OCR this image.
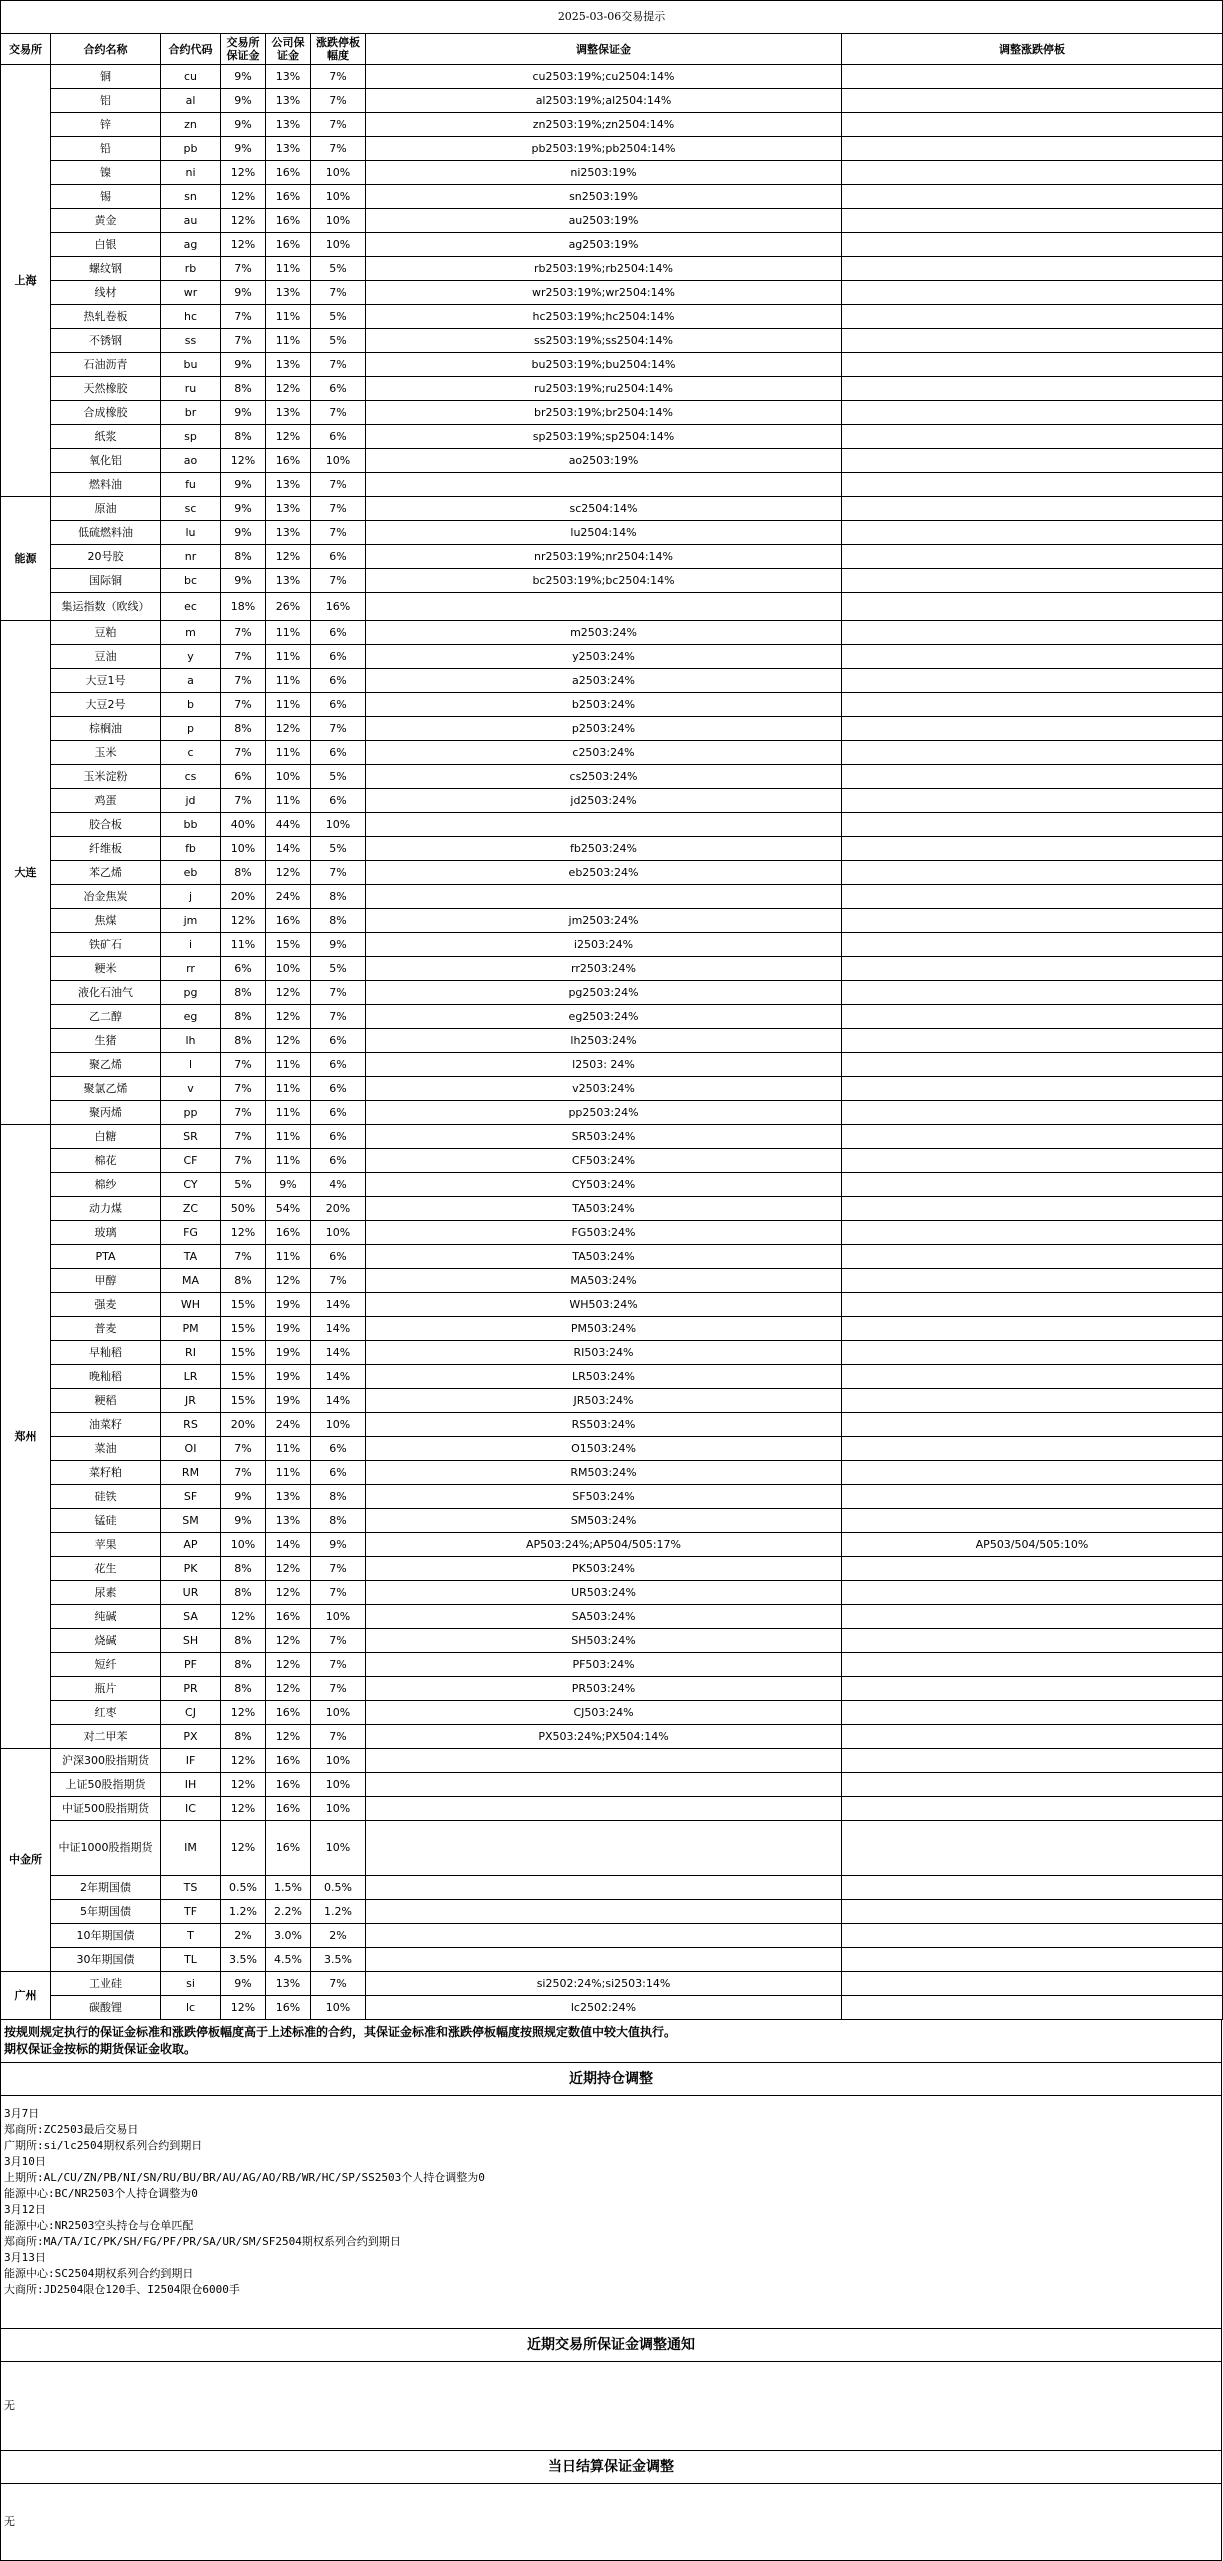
2025-03-06交易提示							
交易所	合约名称	合约代码	交易所保证金	公司保证金	涨跌停板幅度	调整保证金	调整涨跌停板
上海	铜	cu	9%	13%	7%	cu2503:19%;cu2504:14%	
	铝	al	9%	13%	7%	al2503:19%;al2504:14%	
	锌	zn	9%	13%	7%	zn2503:19%;zn2504:14%	
	铅	pb	9%	13%	7%	pb2503:19%;pb2504:14%	
	镍	ni	12%	16%	10%	ni2503:19%	
	锡	sn	12%	16%	10%	sn2503:19%	
	黄金	au	12%	16%	10%	au2503:19%	
	白银	ag	12%	16%	10%	ag2503:19%	
	螺纹钢	rb	7%	11%	5%	rb2503:19%;rb2504:14%	
	线材	wr	9%	13%	7%	wr2503:19%;wr2504:14%	
	热轧卷板	hc	7%	11%	5%	hc2503:19%;hc2504:14%	
	不锈钢	ss	7%	11%	5%	ss2503:19%;ss2504:14%	
	石油沥青	bu	9%	13%	7%	bu2503:19%;bu2504:14%	
	天然橡胶	ru	8%	12%	6%	ru2503:19%;ru2504:14%	
	合成橡胶	br	9%	13%	7%	br2503:19%;br2504:14%	
	纸浆	sp	8%	12%	6%	sp2503:19%;sp2504:14%	
	氧化铝	ao	12%	16%	10%	ao2503:19%	
	燃料油	fu	9%	13%	7%		
能源	原油	sc	9%	13%	7%	sc2504:14%	
	低硫燃料油	lu	9%	13%	7%	lu2504:14%	
	20号胶	nr	8%	12%	6%	nr2503:19%;nr2504:14%	
	国际铜	bc	9%	13%	7%	bc2503:19%;bc2504:14%	
	集运指数（欧线）	ec	18%	26%	16%		
大连	豆粕	m	7%	11%	6%	m2503:24%	
	豆油	y	7%	11%	6%	y2503:24%	
	大豆1号	a	7%	11%	6%	a2503:24%	
	大豆2号	b	7%	11%	6%	b2503:24%	
	棕榈油	p	8%	12%	7%	p2503:24%	
	玉米	c	7%	11%	6%	c2503:24%	
	玉米淀粉	cs	6%	10%	5%	cs2503:24%	
	鸡蛋	jd	7%	11%	6%	jd2503:24%	
	胶合板	bb	40%	44%	10%		
	纤维板	fb	10%	14%	5%	fb2503:24%	
	苯乙烯	eb	8%	12%	7%	eb2503:24%	
	冶金焦炭	j	20%	24%	8%		
	焦煤	jm	12%	16%	8%	jm2503:24%	
	铁矿石	i	11%	15%	9%	i2503:24%	
	粳米	rr	6%	10%	5%	rr2503:24%	
	液化石油气	pg	8%	12%	7%	pg2503:24%	
	乙二醇	eg	8%	12%	7%	eg2503:24%	
	生猪	lh	8%	12%	6%	lh2503:24%	
	聚乙烯	l	7%	11%	6%	l2503: 24%	
	聚氯乙烯	v	7%	11%	6%	v2503:24%	
	聚丙烯	pp	7%	11%	6%	pp2503:24%	
郑州	白糖	SR	7%	11%	6%	SR503:24%	
	棉花	CF	7%	11%	6%	CF503:24%	
	棉纱	CY	5%	9%	4%	CY503:24%	
	动力煤	ZC	50%	54%	20%	TA503:24%	
	玻璃	FG	12%	16%	10%	FG503:24%	
	PTA	TA	7%	11%	6%	TA503:24%	
	甲醇	MA	8%	12%	7%	MA503:24%	
	强麦	WH	15%	19%	14%	WH503:24%	
	普麦	PM	15%	19%	14%	PM503:24%	
	早籼稻	RI	15%	19%	14%	RI503:24%	
	晚籼稻	LR	15%	19%	14%	LR503:24%	
	粳稻	JR	15%	19%	14%	JR503:24%	
	油菜籽	RS	20%	24%	10%	RS503:24%	
	菜油	OI	7%	11%	6%	O1503:24%	
	菜籽粕	RM	7%	11%	6%	RM503:24%	
	硅铁	SF	9%	13%	8%	SF503:24%	
	锰硅	SM	9%	13%	8%	SM503:24%	
	苹果	AP	10%	14%	9%	AP503:24%;AP504/505:17%	AP503/504/505:10%
	花生	PK	8%	12%	7%	PK503:24%	
	尿素	UR	8%	12%	7%	UR503:24%	
	纯碱	SA	12%	16%	10%	SA503:24%	
	烧碱	SH	8%	12%	7%	SH503:24%	
	短纤	PF	8%	12%	7%	PF503:24%	
	瓶片	PR	8%	12%	7%	PR503:24%	
	红枣	CJ	12%	16%	10%	CJ503:24%	
	对二甲苯	PX	8%	12%	7%	PX503:24%;PX504:14%	
中金所	沪深300股指期货	IF	12%	16%	10%		
	上证50股指期货	IH	12%	16%	10%		
	中证500股指期货	IC	12%	16%	10%		
	中证1000股指期货	IM	12%	16%	10%		
	2年期国债	TS	0.5%	1.5%	0.5%		
	5年期国债	TF	1.2%	2.2%	1.2%		
	10年期国债	T	2%	3.0%	2%		
	30年期国债	TL	3.5%	4.5%	3.5%		
广州	工业硅	si	9%	13%	7%	si2502:24%;si2503:14%	
	碳酸锂	lc	12%	16%	10%	lc2502:24%	
按规则规定执行的保证金标准和涨跌停板幅度高于上述标准的合约，其保证金标准和涨跌停板幅度按照规定数值中较大值执行。
期权保证金按标的期货保证金收取。
近期持仓调整
3月7日
郑商所:ZC2503最后交易日
广期所:si/lc2504期权系列合约到期日
3月10日
上期所:AL/CU/ZN/PB/NI/SN/RU/BU/BR/AU/AG/AO/RB/WR/HC/SP/SS2503个人持仓调整为0
能源中心:BC/NR2503个人持仓调整为0
3月12日
能源中心:NR2503空头持仓与仓单匹配
郑商所:MA/TA/IC/PK/SH/FG/PF/PR/SA/UR/SM/SF2504期权系列合约到期日
3月13日
能源中心:SC2504期权系列合约到期日
大商所:JD2504限仓120手、I2504限仓6000手
近期交易所保证金调整通知
无
当日结算保证金调整
无
